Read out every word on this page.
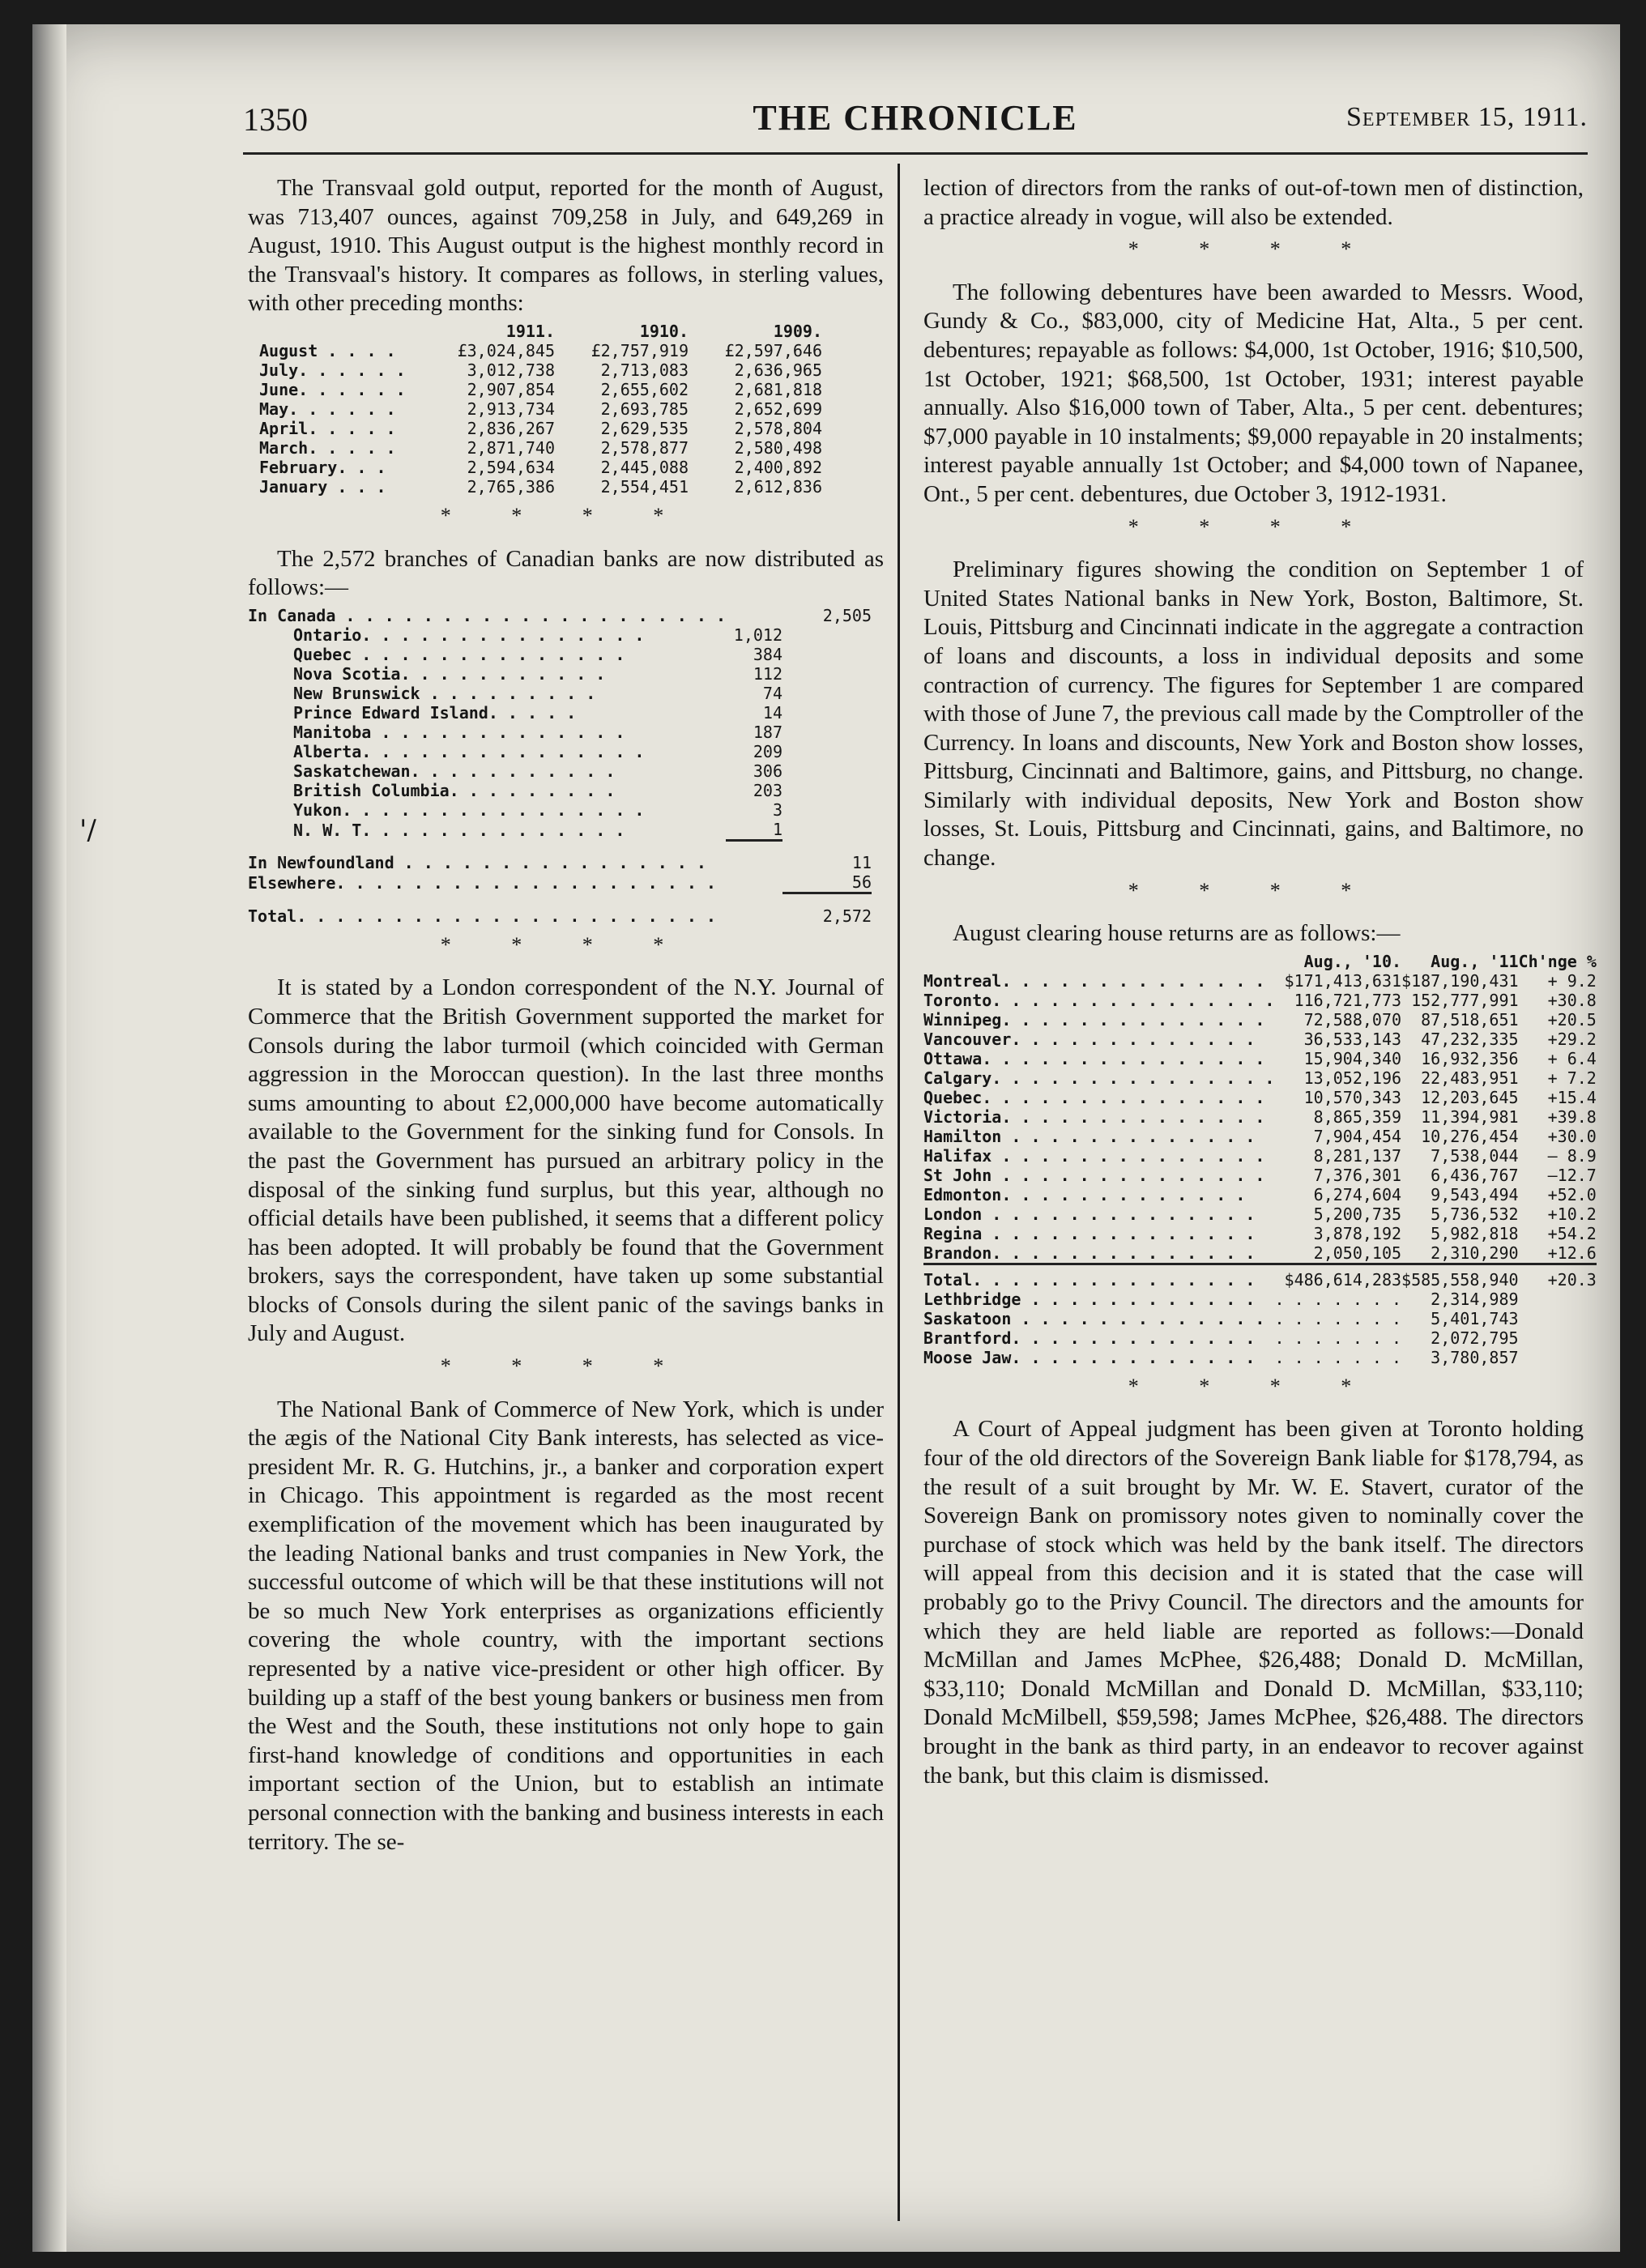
'/
1350	THE CHRONICLE	September 15, 1911.

The Transvaal gold output, reported for the month of August, was 713,407 ounces, against 709,258 in July, and 649,269 in August, 1910. This August output is the highest monthly record in the Transvaal's history. It compares as follows, in sterling values, with other preceding months:

	1911.	1910.	1909.
August . . . .	£3,024,845	£2,757,919	£2,597,646
July. . . . . .	3,012,738	2,713,083	2,636,965
June. . . . . .	2,907,854	2,655,602	2,681,818
May. . . . . .	2,913,734	2,693,785	2,652,699
April. . . . .	2,836,267	2,629,535	2,578,804
March. . . . .	2,871,740	2,578,877	2,580,498
February. . .	2,594,634	2,445,088	2,400,892
January . . .	2,765,386	2,554,451	2,612,836
* * * *

The 2,572 branches of Canadian banks are now distributed as follows:—

In Canada . . . . . . . . . . . . . . . . . . . .		2,505
Ontario. . . . . . . . . . . . . . .	1,012	
Quebec . . . . . . . . . . . . . .	384	
Nova Scotia. . . . . . . . . . .	112	
New Brunswick . . . . . . . . .	74	
Prince Edward Island. . . . .	14	
Manitoba . . . . . . . . . . . . .	187	
Alberta. . . . . . . . . . . . . . .	209	
Saskatchewan. . . . . . . . . . .	306	
British Columbia. . . . . . . . .	203	
Yukon. . . . . . . . . . . . . . . .	3	
N. W. T. . . . . . . . . . . . . .	1	

In Newfoundland . . . . . . . . . . . . . . . .		11
Elsewhere. . . . . . . . . . . . . . . . . . . .		56

Total. . . . . . . . . . . . . . . . . . . . . .		2,572
* * * *

It is stated by a London correspondent of the N.Y. Journal of Commerce that the British Government supported the market for Consols during the labor turmoil (which coincided with German aggression in the Moroccan question). In the last three months sums amounting to about £2,000,000 have become automatically available to the Government for the sinking fund for Consols. In the past the Government has pursued an arbitrary policy in the disposal of the sinking fund surplus, but this year, although no official details have been published, it seems that a different policy has been adopted. It will probably be found that the Government brokers, says the correspondent, have taken up some substantial blocks of Consols during the silent panic of the savings banks in July and August.

* * * *

The National Bank of Commerce of New York, which is under the ægis of the National City Bank interests, has selected as vice-president Mr. R. G. Hutchins, jr., a banker and corporation expert in Chicago. This appointment is regarded as the most recent exemplification of the movement which has been inaugurated by the leading National banks and trust companies in New York, the successful outcome of which will be that these institutions will not be so much New York enterprises as organizations efficiently covering the whole country, with the important sections represented by a native vice-president or other high officer. By building up a staff of the best young bankers or business men from the West and the South, these institutions not only hope to gain first-hand knowledge of conditions and opportunities in each important section of the Union, but to establish an intimate personal connection with the banking and business interests in each territory. The se-

lection of directors from the ranks of out-of-town men of distinction, a practice already in vogue, will also be extended.

* * * *

The following debentures have been awarded to Messrs. Wood, Gundy & Co., $83,000, city of Medicine Hat, Alta., 5 per cent. debentures; repayable as follows: $4,000, 1st October, 1916; $10,500, 1st October, 1921; $68,500, 1st October, 1931; interest payable annually. Also $16,000 town of Taber, Alta., 5 per cent. debentures; $7,000 payable in 10 instalments; $9,000 repayable in 20 instalments; interest payable annually 1st October; and $4,000 town of Napanee, Ont., 5 per cent. debentures, due October 3, 1912-1931.

* * * *

Preliminary figures showing the condition on September 1 of United States National banks in New York, Boston, Baltimore, St. Louis, Pittsburg and Cincinnati indicate in the aggregate a contraction of loans and discounts, a loss in individual deposits and some contraction of currency. The figures for September 1 are compared with those of June 7, the previous call made by the Comptroller of the Currency. In loans and discounts, New York and Boston show losses, Pittsburg, Cincinnati and Baltimore, gains, and Pittsburg, no change. Similarly with individual deposits, New York and Boston show losses, St. Louis, Pittsburg and Cincinnati, gains, and Baltimore, no change.

* * * *

August clearing house returns are as follows:—

	Aug., '10.	Aug., '11	Ch'nge %
Montreal. . . . . . . . . . . . . .	$171,413,631	$187,190,431	+ 9.2
Toronto. . . . . . . . . . . . . . .	116,721,773	152,777,991	+30.8
Winnipeg. . . . . . . . . . . . . .	72,588,070	87,518,651	+20.5
Vancouver. . . . . . . . . . . . .	36,533,143	47,232,335	+29.2
Ottawa. . . . . . . . . . . . . . .	15,904,340	16,932,356	+ 6.4
Calgary. . . . . . . . . . . . . . .	13,052,196	22,483,951	+ 7.2
Quebec. . . . . . . . . . . . . . .	10,570,343	12,203,645	+15.4
Victoria. . . . . . . . . . . . . .	8,865,359	11,394,981	+39.8
Hamilton . . . . . . . . . . . . .	7,904,454	10,276,454	+30.0
Halifax . . . . . . . . . . . . . .	8,281,137	7,538,044	— 8.9
St John . . . . . . . . . . . . . .	7,376,301	6,436,767	—12.7
Edmonton. . . . . . . . . . . . .	6,274,604	9,543,494	+52.0
London . . . . . . . . . . . . . .	5,200,735	5,736,532	+10.2
Regina . . . . . . . . . . . . . .	3,878,192	5,982,818	+54.2
Brandon. . . . . . . . . . . . . .	2,050,105	2,310,290	+12.6

Total. . . . . . . . . . . . . . .	$486,614,283	$585,558,940	+20.3
Lethbridge . . . . . . . . . . . .	. . . . . . .	2,314,989	
Saskatoon . . . . . . . . . . . . .	. . . . . . .	5,401,743	
Brantford. . . . . . . . . . . . .	. . . . . . .	2,072,795	
Moose Jaw. . . . . . . . . . . . .	. . . . . . .	3,780,857	
* * * *

A Court of Appeal judgment has been given at Toronto holding four of the old directors of the Sovereign Bank liable for $178,794, as the result of a suit brought by Mr. W. E. Stavert, curator of the Sovereign Bank on promissory notes given to nominally cover the purchase of stock which was held by the bank itself. The directors will appeal from this decision and it is stated that the case will probably go to the Privy Council. The directors and the amounts for which they are held liable are reported as follows:—Donald McMillan and James McPhee, $26,488; Donald D. McMillan, $33,110; Donald McMillan and Donald D. McMillan, $33,110; Donald McMilbell, $59,598; James McPhee, $26,488. The directors brought in the bank as third party, in an endeavor to recover against the bank, but this claim is dismissed.
